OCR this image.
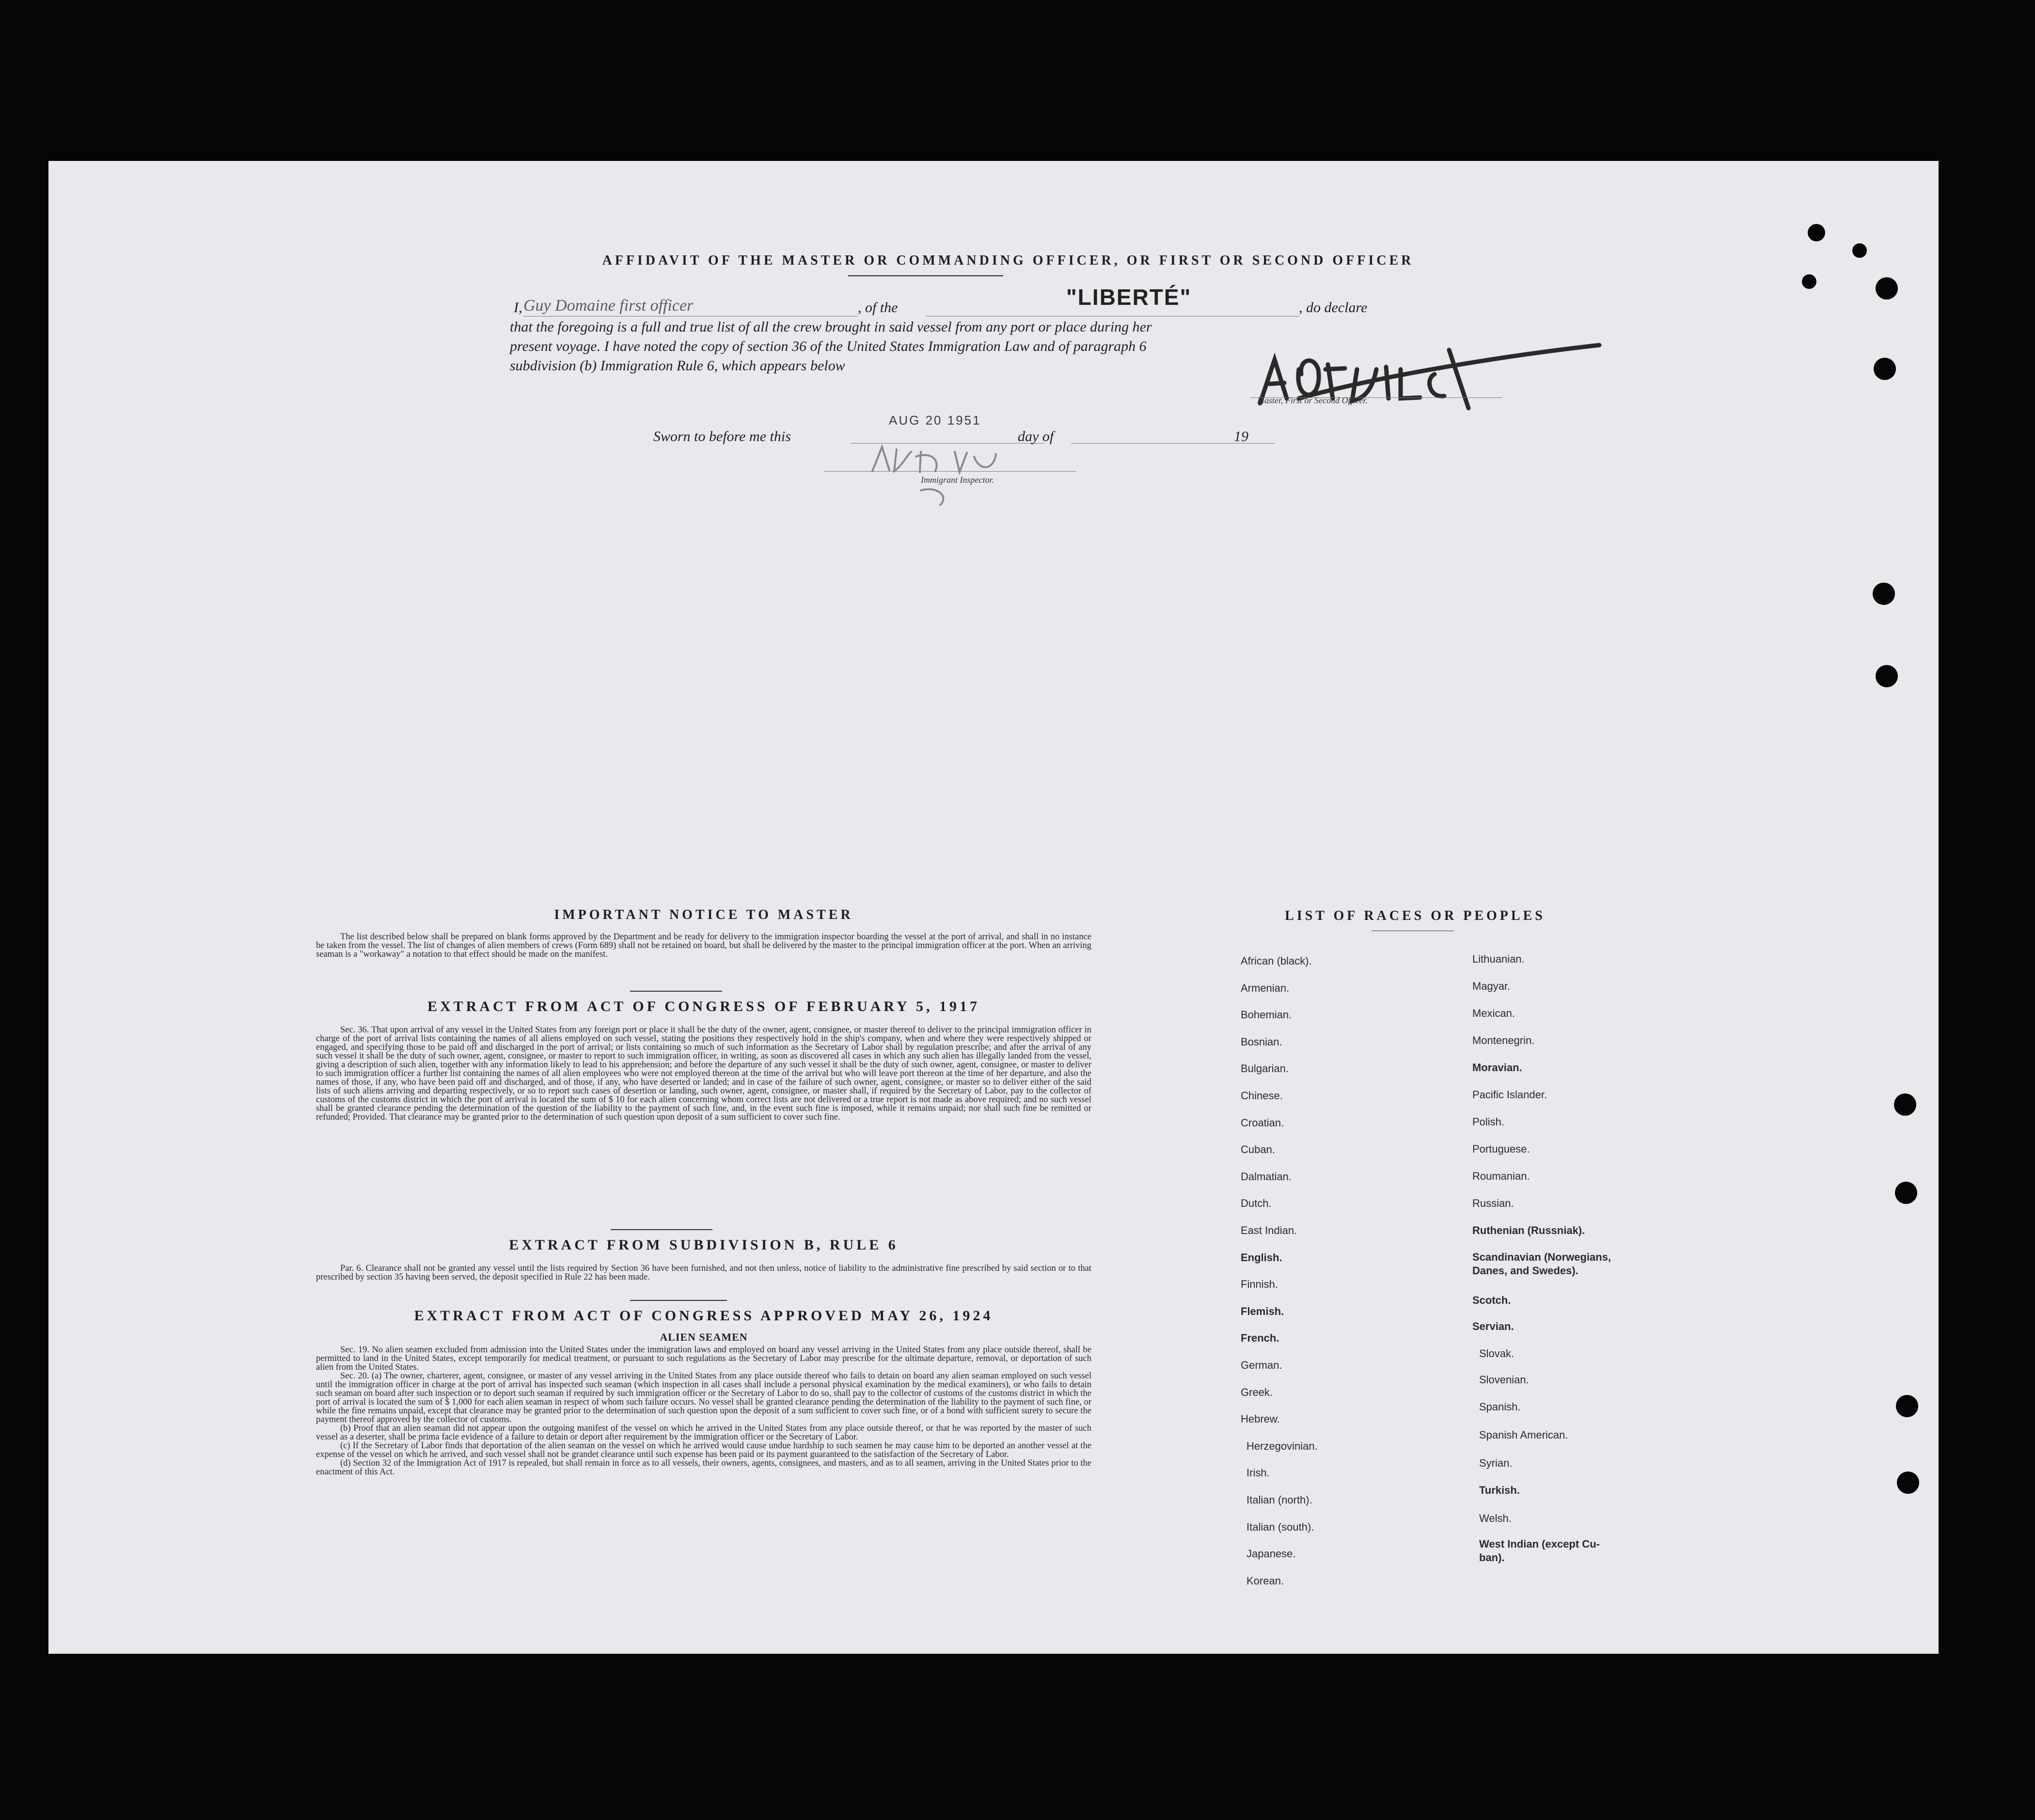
AFFIDAVIT OF THE MASTER OR COMMANDING OFFICER, OR FIRST OR SECOND OFFICER
I, Guy Domaine first officer	, of the	"LIBERTÉ"	, do declare
that the foregoing is a full and true list of all the crew brought in said vessel from any port or place during her
present voyage. I have noted the copy of section 36 of the United States Immigration Law and of paragraph 6
subdivision (b) Immigration Rule 6, which appears below
Master, First or Second Officer.
AUG 20 1951
Sworn to before me this	day of	19
Immigrant Inspector.
IMPORTANT NOTICE TO MASTER

The list described below shall be prepared on blank forms approved by the Department and be ready for delivery to the immigration inspector boarding the vessel at the port of arrival, and shall in no instance be taken from the vessel. The list of changes of alien members of crews (Form 689) shall not be retained on board, but shall be delivered by the master to the principal immigration officer at the port. When an arriving seaman is a "workaway" a notation to that effect should be made on the manifest.

EXTRACT FROM ACT OF CONGRESS OF FEBRUARY 5, 1917

Sec. 36. That upon arrival of any vessel in the United States from any foreign port or place it shall be the duty of the owner, agent, consignee, or master thereof to deliver to the principal immigration officer in charge of the port of arrival lists containing the names of all aliens employed on such vessel, stating the positions they respectively hold in the ship's company, when and where they were respectively shipped or engaged, and specifying those to be paid off and discharged in the port of arrival; or lists containing so much of such information as the Secretary of Labor shall by regulation prescribe; and after the arrival of any such vessel it shall be the duty of such owner, agent, consignee, or master to report to such immigration officer, in writing, as soon as discovered all cases in which any such alien has illegally landed from the vessel, giving a description of such alien, together with any information likely to lead to his apprehension; and before the departure of any such vessel it shall be the duty of such owner, agent, consignee, or master to deliver to such immigration officer a further list containing the names of all alien employees who were not employed thereon at the time of the arrival but who will leave port thereon at the time of her departure, and also the names of those, if any, who have been paid off and discharged, and of those, if any, who have deserted or landed; and in case of the failure of such owner, agent, consignee, or master so to deliver either of the said lists of such aliens arriving and departing respectively, or so to report such cases of desertion or landing, such owner, agent, consignee, or master shall, if required by the Secretary of Labor, pay to the collector of customs of the customs district in which the port of arrival is located the sum of $ 10 for each alien concerning whom correct lists are not delivered or a true report is not made as above required; and no such vessel shall be granted clearance pending the determination of the question of the liability to the payment of such fine, and, in the event such fine is imposed, while it remains unpaid; nor shall such fine be remitted or refunded; Provided. That clearance may be granted prior to the determination of such question upon deposit of a sum sufficient to cover such fine.

EXTRACT FROM SUBDIVISION B, RULE 6

Par. 6. Clearance shall not be granted any vessel until the lists required by Section 36 have been furnished, and not then unless, notice of liability to the administrative fine prescribed by said section or to that prescribed by section 35 having been served, the deposit specified in Rule 22 has been made.

EXTRACT FROM ACT OF CONGRESS APPROVED MAY 26, 1924
ALIEN SEAMEN

Sec. 19. No alien seamen excluded from admission into the United States under the immigration laws and employed on board any vessel arriving in the United States from any place outside thereof, shall be permitted to land in the United States, except temporarily for medical treatment, or pursuant to such regulations as the Secretary of Labor may prescribe for the ultimate departure, removal, or deportation of such alien from the United States.

Sec. 20. (a) The owner, charterer, agent, consignee, or master of any vessel arriving in the United States from any place outside thereof who fails to detain on board any alien seaman employed on such vessel until the immigration officer in charge at the port of arrival has inspected such seaman (which inspection in all cases shall include a personal physical examination by the medical examiners), or who fails to detain such seaman on board after such inspection or to deport such seaman if required by such immigration officer or the Secretary of Labor to do so, shall pay to the collector of customs of the customs district in which the port of arrival is located the sum of $ 1,000 for each alien seaman in respect of whom such failure occurs. No vessel shall be granted clearance pending the determination of the liability to the payment of such fine, or while the fine remains unpaid, except that clearance may be granted prior to the determination of such question upon the deposit of a sum sufficient to cover such fine, or of a bond with sufficient surety to secure the payment thereof approved by the collector of customs.

(b) Proof that an alien seaman did not appear upon the outgoing manifest of the vessel on which he arrived in the United States from any place outside thereof, or that he was reported by the master of such vessel as a deserter, shall be prima facie evidence of a failure to detain or deport after requirement by the immigration officer or the Secretary of Labor.

(c) If the Secretary of Labor finds that deportation of the alien seaman on the vessel on which he arrived would cause undue hardship to such seamen he may cause him to be deported an another vessel at the expense of the vessel on which he arrived, and such vessel shall not be grandet clearance until such expense has been paid or its payment guaranteed to the satisfaction of the Secretary of Labor.

(d) Section 32 of the Immigration Act of 1917 is repealed, but shall remain in force as to all vessels, their owners, agents, consignees, and masters, and as to all seamen, arriving in the United States prior to the enactment of this Act.

LIST OF RACES OR PEOPLES
African (black).
Armenian.
Bohemian.
Bosnian.
Bulgarian.
Chinese.
Croatian.
Cuban.
Dalmatian.
Dutch.
East Indian.
English.
Finnish.
Flemish.
French.
German.
Greek.
Hebrew.
Herzegovinian.
Irish.
Italian (north).
Italian (south).
Japanese.
Korean.
Lithuanian.
Magyar.
Mexican.
Montenegrin.
Moravian.
Pacific Islander.
Polish.
Portuguese.
Roumanian.
Russian.
Ruthenian (Russniak).
Scandinavian (Norwegians,
Danes, and Swedes).
Scotch.
Servian.
Slovak.
Slovenian.
Spanish.
Spanish American.
Syrian.
Turkish.
Welsh.
West Indian (except Cu-
ban).
